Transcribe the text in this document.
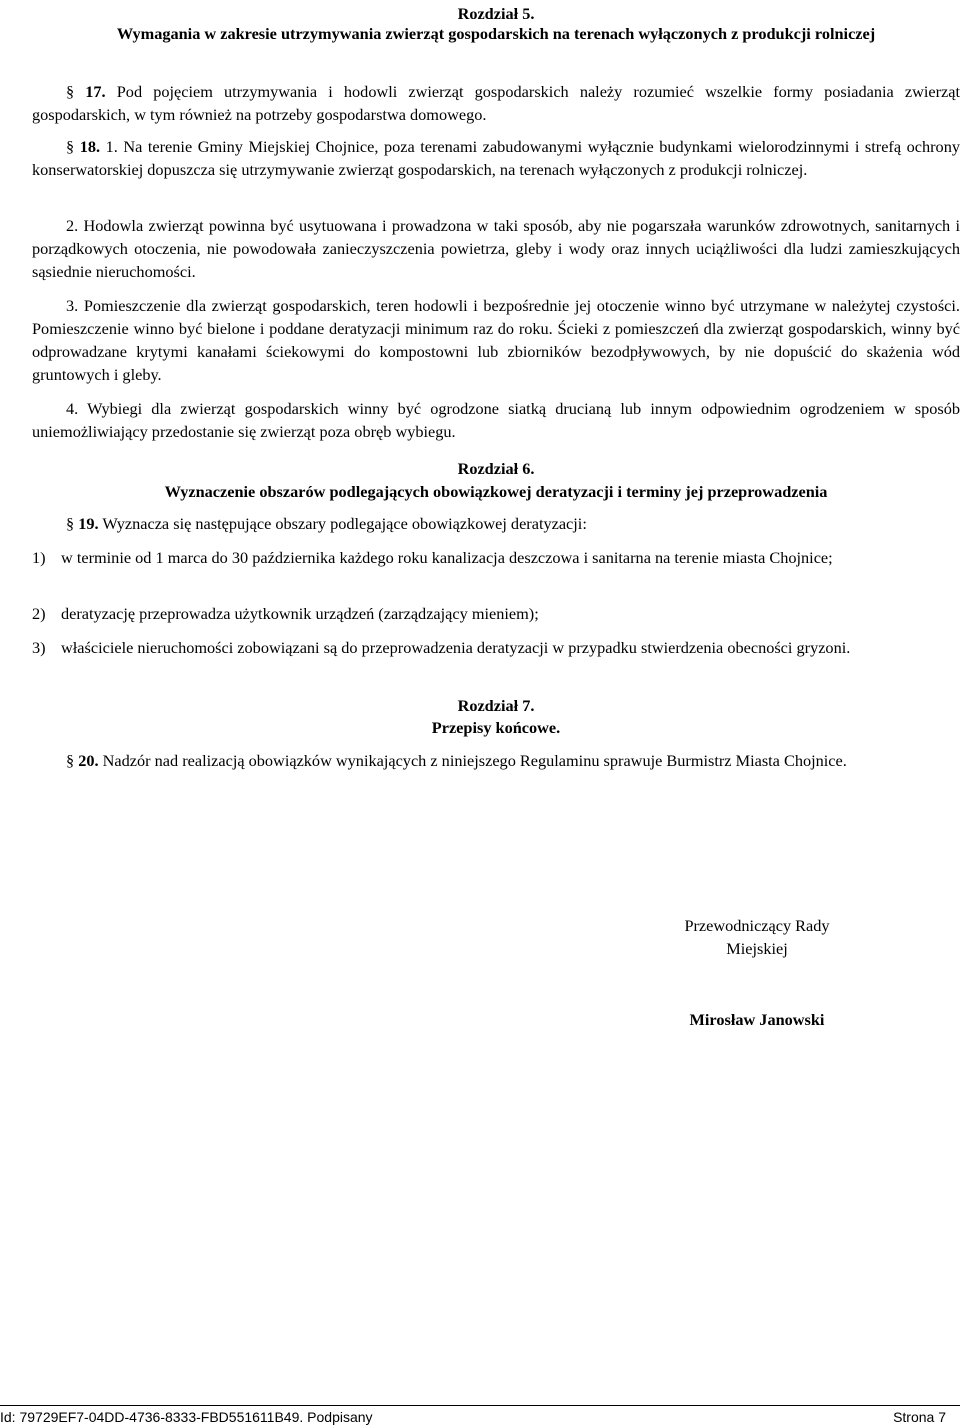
Rozdział 5.
Wymagania w zakresie utrzymywania zwierząt gospodarskich na terenach wyłączonych z produkcji rolniczej

§ 17. Pod pojęciem utrzymywania i hodowli zwierząt gospodarskich należy rozumieć wszelkie formy posiadania zwierząt gospodarskich, w tym również na potrzeby gospodarstwa domowego.

§ 18. 1. Na terenie Gminy Miejskiej Chojnice, poza terenami zabudowanymi wyłącznie budynkami wielorodzinnymi i strefą ochrony konserwatorskiej dopuszcza się utrzymywanie zwierząt gospodarskich, na terenach wyłączonych z produkcji rolniczej.

2. Hodowla zwierząt powinna być usytuowana i prowadzona w taki sposób, aby nie pogarszała warunków zdrowotnych, sanitarnych i porządkowych otoczenia, nie powodowała zanieczyszczenia powietrza, gleby i wody oraz innych uciążliwości dla ludzi zamieszkujących sąsiednie nieruchomości.

3. Pomieszczenie dla zwierząt gospodarskich, teren hodowli i bezpośrednie jej otoczenie winno być utrzymane w należytej czystości. Pomieszczenie winno być bielone i poddane deratyzacji minimum raz do roku. Ścieki z pomieszczeń dla zwierząt gospodarskich, winny być odprowadzane krytymi kanałami ściekowymi do kompostowni lub zbiorników bezodpływowych, by nie dopuścić do skażenia wód gruntowych i gleby.

4. Wybiegi dla zwierząt gospodarskich winny być ogrodzone siatką drucianą lub innym odpowiednim ogrodzeniem w sposób uniemożliwiający przedostanie się zwierząt poza obręb wybiegu.

Rozdział 6.
Wyznaczenie obszarów podlegających obowiązkowej deratyzacji i terminy jej przeprowadzenia

§ 19. Wyznacza się następujące obszary podlegające obowiązkowej deratyzacji:

1) w terminie od 1 marca do 30 października każdego roku kanalizacja deszczowa i sanitarna na terenie miasta Chojnice;
2) deratyzację przeprowadza użytkownik urządzeń (zarządzający mieniem);
3) właściciele nieruchomości zobowiązani są do przeprowadzenia deratyzacji w przypadku stwierdzenia obecności gryzoni.
Rozdział 7.
Przepisy końcowe.

§ 20. Nadzór nad realizacją obowiązków wynikających z niniejszego Regulaminu sprawuje Burmistrz Miasta Chojnice.

Przewodniczący Rady
Miejskiej
Mirosław Janowski
Id: 79729EF7-04DD-4736-8333-FBD551611B49. Podpisany	Strona 7
